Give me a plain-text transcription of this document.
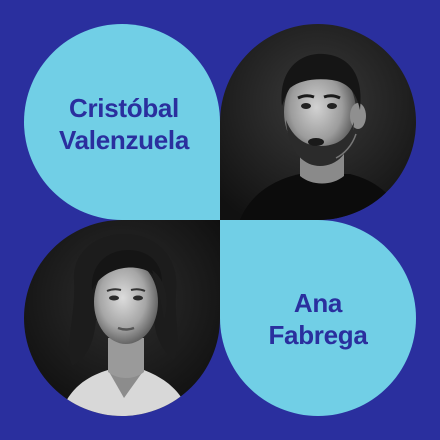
Cristóbal
Valenzuela
Ana
Fabrega
